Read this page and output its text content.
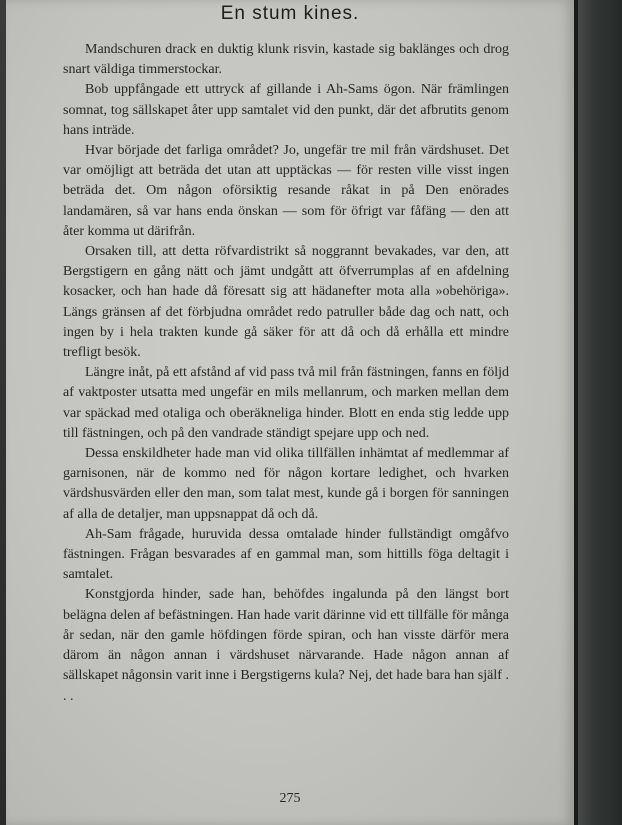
En stum kines.

Mandschuren drack en duktig klunk risvin, kastade sig baklänges och drog snart väldiga timmerstockar.

Bob uppfångade ett uttryck af gillande i Ah-Sams ögon. När främlingen somnat, tog sällskapet åter upp samtalet vid den punkt, där det afbrutits genom hans inträde.

Hvar började det farliga området? Jo, ungefär tre mil från värdshuset. Det var omöjligt att beträda det utan att upptäckas — för resten ville visst ingen beträda det. Om någon oförsiktig resande råkat in på Den enörades landamären, så var hans enda önskan — som för öfrigt var fåfäng — den att åter komma ut därifrån.

Orsaken till, att detta röfvardistrikt så noggrannt bevakades, var den, att Bergstigern en gång nätt och jämt undgått att öfverrumplas af en afdelning kosacker, och han hade då föresatt sig att hädanefter mota alla »obehöriga». Längs gränsen af det förbjudna området redo patruller både dag och natt, och ingen by i hela trakten kunde gå säker för att då och då erhålla ett mindre trefligt besök.

Längre inåt, på ett afstånd af vid pass två mil från fästningen, fanns en följd af vaktposter utsatta med ungefär en mils mellanrum, och marken mellan dem var späckad med otaliga och oberäkneliga hinder. Blott en enda stig ledde upp till fästningen, och på den vandrade ständigt spejare upp och ned.

Dessa enskildheter hade man vid olika tillfällen inhämtat af medlemmar af garnisonen, när de kommo ned för någon kortare ledighet, och hvarken värdshusvärden eller den man, som talat mest, kunde gå i borgen för sanningen af alla de detaljer, man uppsnappat då och då.

Ah-Sam frågade, huruvida dessa omtalade hinder fullständigt omgåfvo fästningen. Frågan besvarades af en gammal man, som hittills föga deltagit i samtalet.

Konstgjorda hinder, sade han, behöfdes ingalunda på den längst bort belägna delen af befästningen. Han hade varit därinne vid ett tillfälle för många år sedan, när den gamle höfdingen förde spiran, och han visste därför mera därom än någon annan i värdshuset närvarande. Hade någon annan af sällskapet någonsin varit inne i Bergstigerns kula? Nej, det hade bara han själf . . .

275
